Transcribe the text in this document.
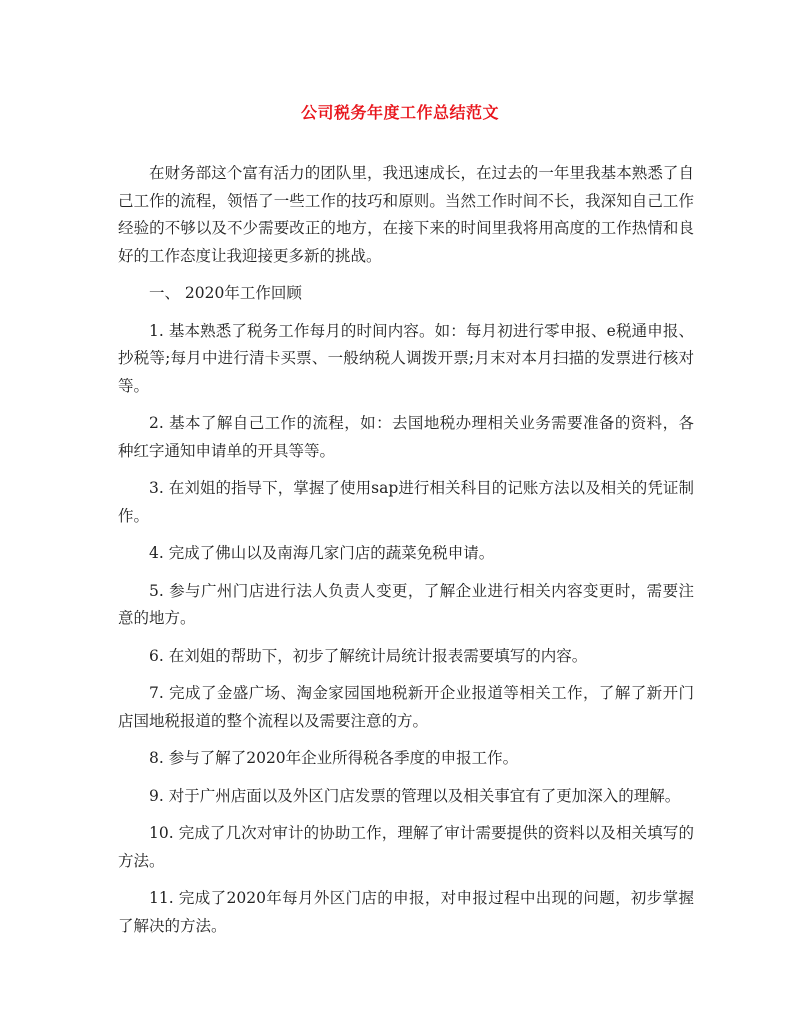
公司税务年度工作总结范文

在财务部这个富有活力的团队里，我迅速成长，在过去的一年里我基本熟悉了自己工作的流程，领悟了一些工作的技巧和原则。当然工作时间不长，我深知自己工作经验的不够以及不少需要改正的地方，在接下来的时间里我将用高度的工作热情和良好的工作态度让我迎接更多新的挑战。

一、 2020年工作回顾

1. 基本熟悉了税务工作每月的时间内容。如：每月初进行零申报、e税通申报、抄税等;每月中进行清卡买票、一般纳税人调拨开票;月末对本月扫描的发票进行核对等。

2. 基本了解自己工作的流程，如：去国地税办理相关业务需要准备的资料，各种红字通知申请单的开具等等。

3. 在刘姐的指导下，掌握了使用sap进行相关科目的记账方法以及相关的凭证制作。

4. 完成了佛山以及南海几家门店的蔬菜免税申请。

5. 参与广州门店进行法人负责人变更，了解企业进行相关内容变更时，需要注意的地方。

6. 在刘姐的帮助下，初步了解统计局统计报表需要填写的内容。

7. 完成了金盛广场、淘金家园国地税新开企业报道等相关工作，了解了新开门店国地税报道的整个流程以及需要注意的方。

8. 参与了解了2020年企业所得税各季度的申报工作。

9. 对于广州店面以及外区门店发票的管理以及相关事宜有了更加深入的理解。

10. 完成了几次对审计的协助工作，理解了审计需要提供的资料以及相关填写的方法。

11. 完成了2020年每月外区门店的申报，对申报过程中出现的问题，初步掌握了解决的方法。
